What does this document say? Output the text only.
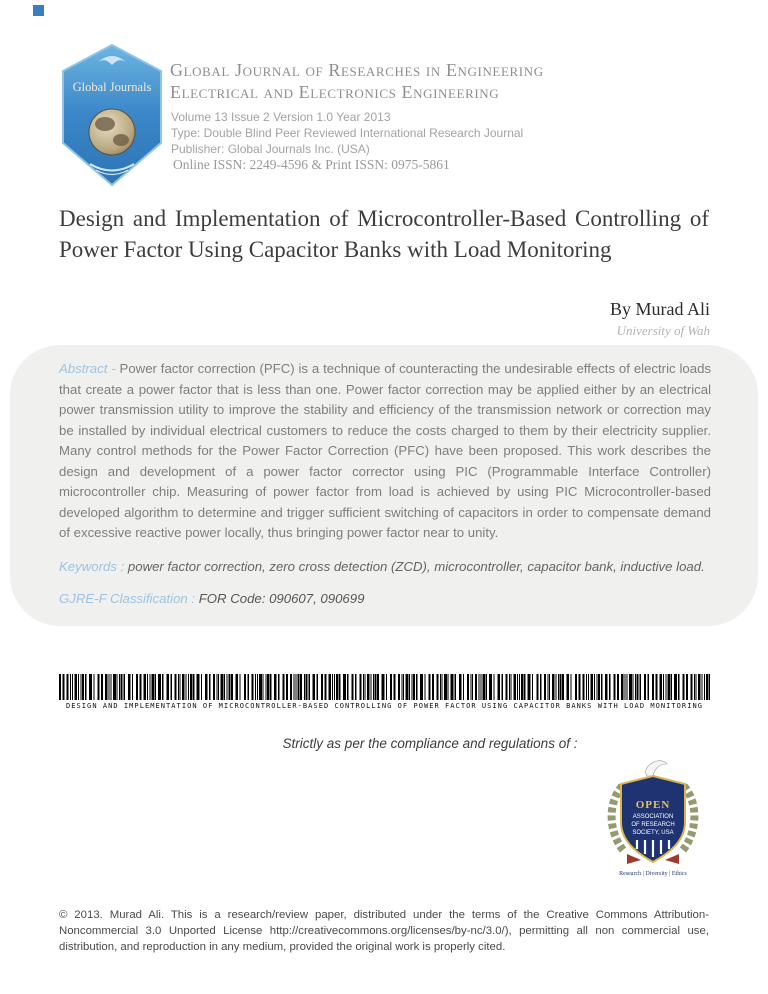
Global Journals
Global Journal of Researches in Engineering
Electrical and Electronics Engineering
Volume 13 Issue 2 Version 1.0 Year 2013
Type: Double Blind Peer Reviewed International Research Journal
Publisher: Global Journals Inc. (USA)
Online ISSN: 2249-4596 & Print ISSN: 0975-5861
Design and Implementation of Microcontroller-Based Controlling of Power Factor Using Capacitor Banks with Load Monitoring
By Murad Ali
University of Wah

Abstract - Power factor correction (PFC) is a technique of counteracting the undesirable effects of electric loads that create a power factor that is less than one. Power factor correction may be applied either by an electrical power transmission utility to improve the stability and efficiency of the transmission network or correction may be installed by individual electrical customers to reduce the costs charged to them by their electricity supplier. Many control methods for the Power Factor Correction (PFC) have been proposed. This work describes the design and development of a power factor corrector using PIC (Programmable Interface Controller) microcontroller chip. Measuring of power factor from load is achieved by using PIC Microcontroller-based developed algorithm to determine and trigger sufficient switching of capacitors in order to compensate demand of excessive reactive power locally, thus bringing power factor near to unity.

Keywords : power factor correction, zero cross detection (ZCD), microcontroller, capacitor bank, inductive load.

GJRE-F Classification : FOR Code: 090607, 090699

DESIGN AND IMPLEMENTATION OF MICROCONTROLLER-BASED CONTROLLING OF POWER FACTOR USING CAPACITOR BANKS WITH LOAD MONITORING
Strictly as per the compliance and regulations of :
OPEN
ASSOCIATION
OF RESEARCH
SOCIETY, USA
Research | Diversity | Ethics
© 2013. Murad Ali. This is a research/review paper, distributed under the terms of the Creative Commons Attribution-Noncommercial 3.0 Unported License http://creativecommons.org/licenses/by-nc/3.0/), permitting all non commercial use, distribution, and reproduction in any medium, provided the original work is properly cited.
